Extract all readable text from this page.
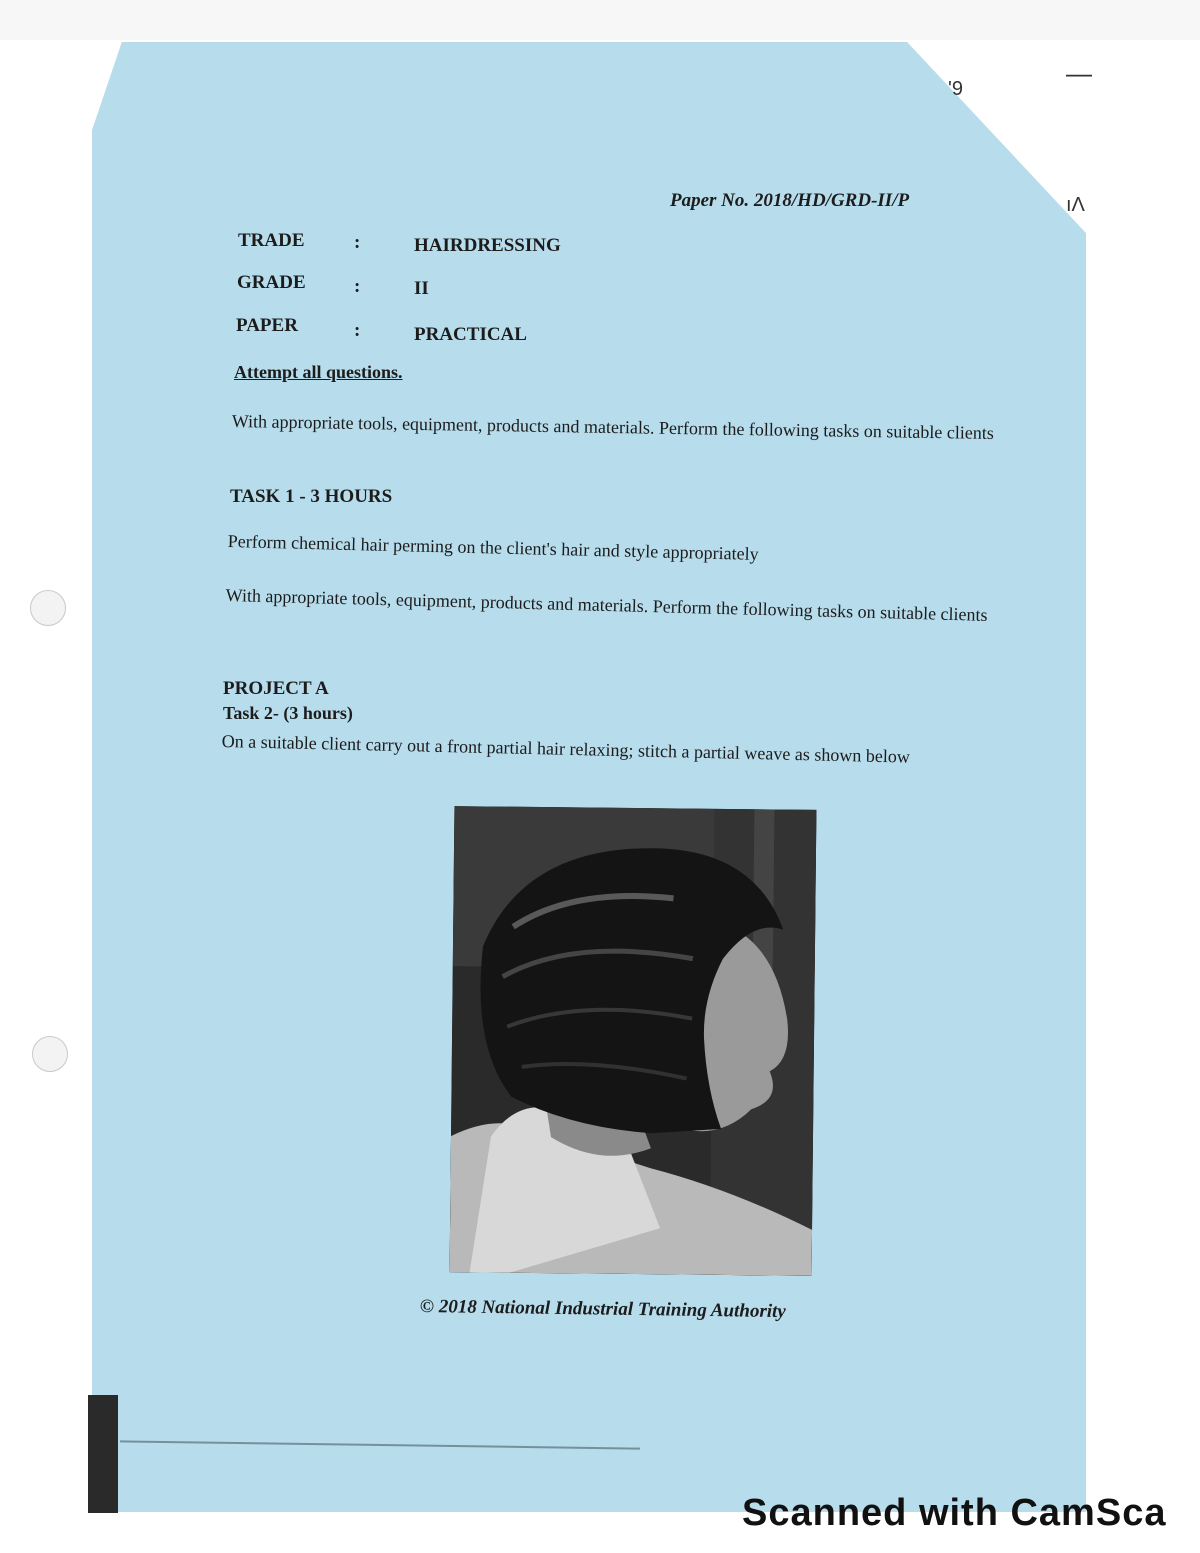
'9
—
ıΛ
Paper No. 2018/HD/GRD-II/P
TRADE	:	HAIRDRESSING
GRADE	:	II
PAPER	:	PRACTICAL
Attempt all questions.
With appropriate tools, equipment, products and materials. Perform the following tasks on suitable clients
TASK 1 - 3 HOURS
Perform chemical hair perming on the client's hair and style appropriately
With appropriate tools, equipment, products and materials. Perform the following tasks on suitable clients
PROJECT A
Task 2- (3 hours)
On a suitable client carry out a front partial hair relaxing; stitch a partial weave as shown below
© 2018 National Industrial Training Authority
Scanned with CamSca
